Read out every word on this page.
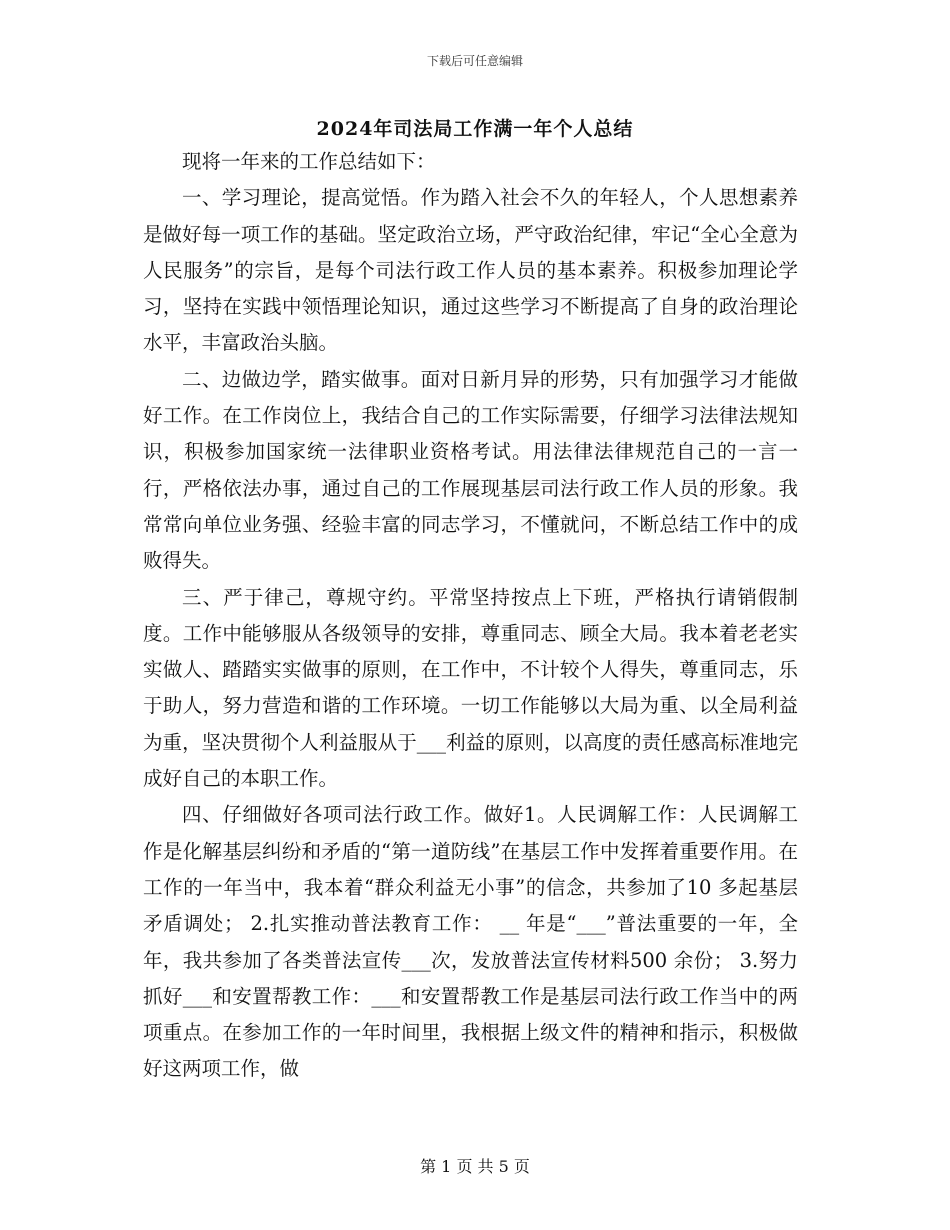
下载后可任意编辑
2024年司法局工作满一年个人总结

现将一年来的工作总结如下：

一、学习理论，提高觉悟。作为踏入社会不久的年轻人，个人思想素养是做好每一项工作的基础。坚定政治立场，严守政治纪律，牢记“全心全意为人民服务”的宗旨，是每个司法行政工作人员的基本素养。积极参加理论学习，坚持在实践中领悟理论知识，通过这些学习不断提高了自身的政治理论水平，丰富政治头脑。

二、边做边学，踏实做事。面对日新月异的形势，只有加强学习才能做好工作。在工作岗位上，我结合自己的工作实际需要，仔细学习法律法规知识，积极参加国家统一法律职业资格考试。用法律法律规范自己的一言一行，严格依法办事，通过自己的工作展现基层司法行政工作人员的形象。我常常向单位业务强、经验丰富的同志学习，不懂就问，不断总结工作中的成败得失。

三、严于律己，尊规守约。平常坚持按点上下班，严格执行请销假制度。工作中能够服从各级领导的安排，尊重同志、顾全大局。我本着老老实实做人、踏踏实实做事的原则，在工作中，不计较个人得失，尊重同志，乐于助人，努力营造和谐的工作环境。一切工作能够以大局为重、以全局利益为重，坚决贯彻个人利益服从于___利益的原则，以高度的责任感高标准地完成好自己的本职工作。

四、仔细做好各项司法行政工作。做好1。人民调解工作：人民调解工作是化解基层纠纷和矛盾的“第一道防线”在基层工作中发挥着重要作用。在工作的一年当中，我本着“群众利益无小事”的信念，共参加了10 多起基层矛盾调处； 2.扎实推动普法教育工作： __ 年是“___”普法重要的一年，全年，我共参加了各类普法宣传___次，发放普法宣传材料500 余份； 3.努力抓好___和安置帮教工作：___和安置帮教工作是基层司法行政工作当中的两项重点。在参加工作的一年时间里，我根据上级文件的精神和指示，积极做好这两项工作，做

第 1 页 共 5 页
